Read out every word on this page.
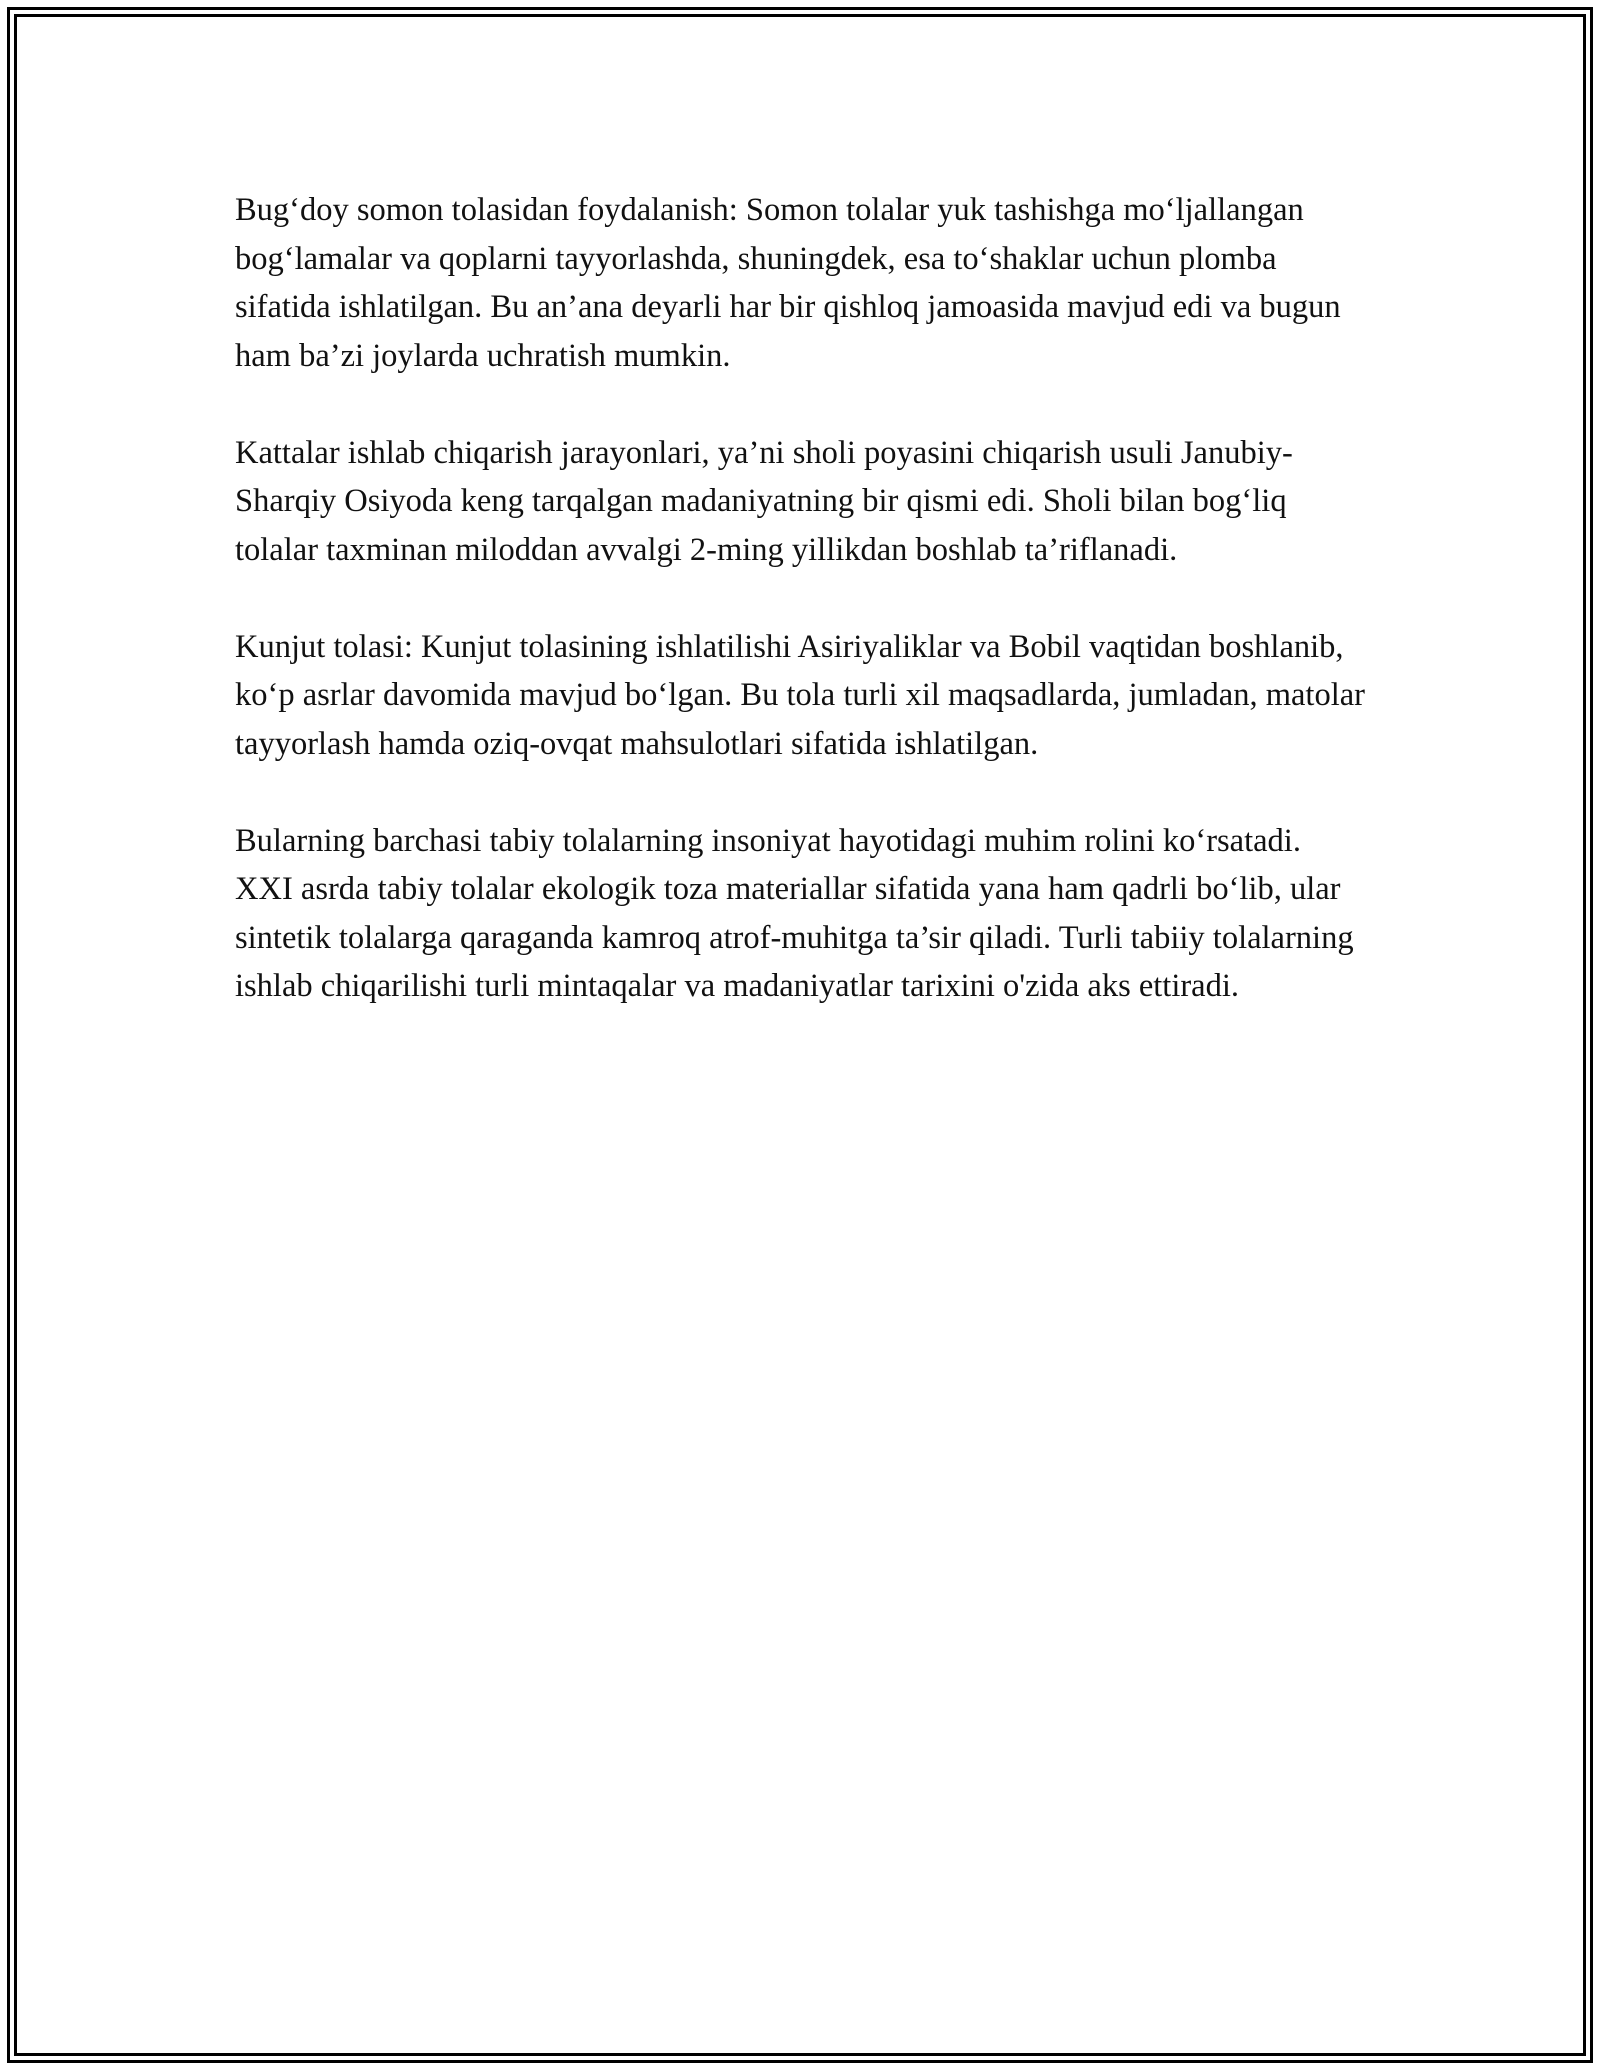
Bug‘doy somon tolasidan foydalanish: Somon tolalar yuk tashishga mo‘ljallangan bog‘lamalar va qoplarni tayyorlashda, shuningdek, esa to‘shaklar uchun plomba sifatida ishlatilgan. Bu an’ana deyarli har bir qishloq jamoasida mavjud edi va bugun ham ba’zi joylarda uchratish mumkin.

Kattalar ishlab chiqarish jarayonlari, ya’ni sholi poyasini chiqarish usuli Janubiy-Sharqiy Osiyoda keng tarqalgan madaniyatning bir qismi edi. Sholi bilan bog‘liq tolalar taxminan miloddan avvalgi 2-ming yillikdan boshlab ta’riflanadi.

Kunjut tolasi: Kunjut tolasining ishlatilishi Asiriyaliklar va Bobil vaqtidan boshlanib, ko‘p asrlar davomida mavjud bo‘lgan. Bu tola turli xil maqsadlarda, jumladan, matolar tayyorlash hamda oziq-ovqat mahsulotlari sifatida ishlatilgan.

Bularning barchasi tabiy tolalarning insoniyat hayotidagi muhim rolini ko‘rsatadi. XXI asrda tabiy tolalar ekologik toza materiallar sifatida yana ham qadrli bo‘lib, ular sintetik tolalarga qaraganda kamroq atrof-muhitga ta’sir qiladi. Turli tabiiy tolalarning ishlab chiqarilishi turli mintaqalar va madaniyatlar tarixini o'zida aks ettiradi.
